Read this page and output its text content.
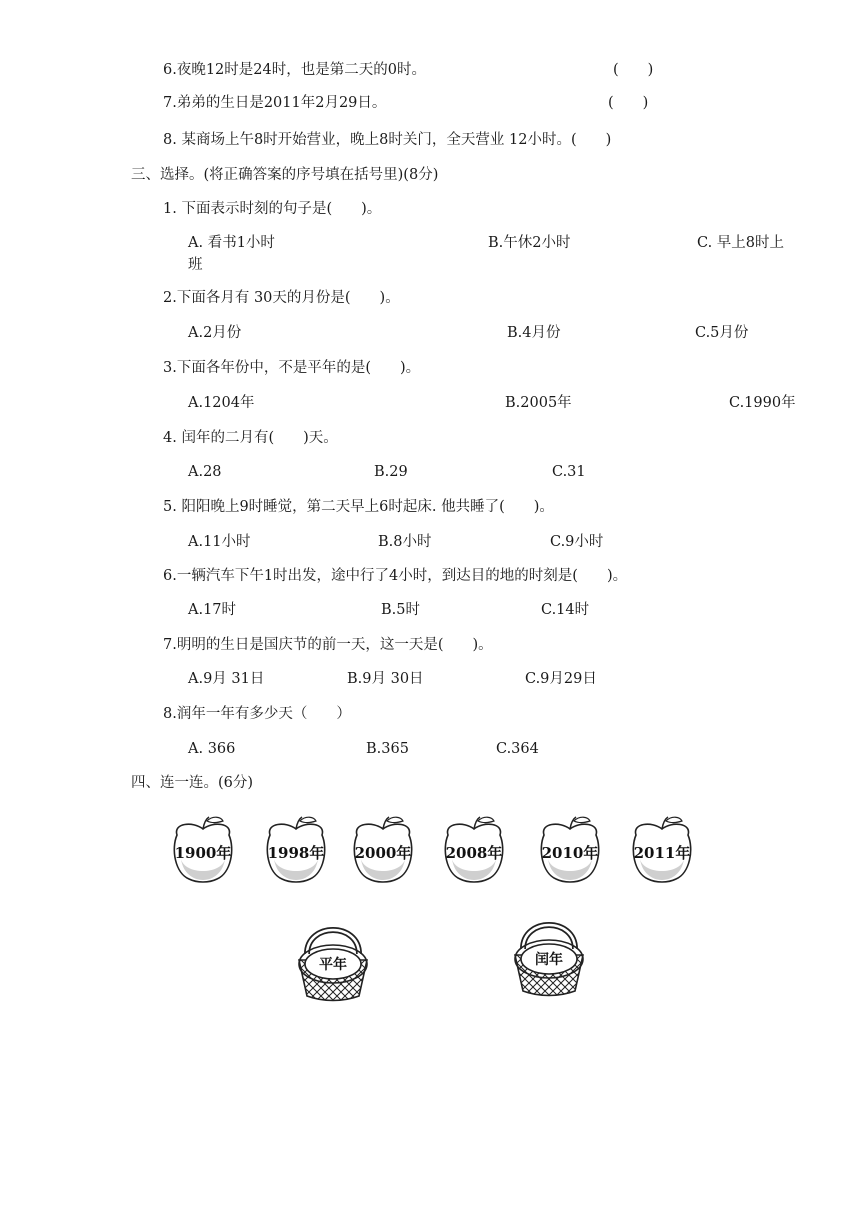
6.夜晚12时是24时，也是第二天的0时。	(　　)
7.弟弟的生日是2011年2月29日。	(　　)
8. 某商场上午8时开始营业，晚上8时关门，全天营业 12小时。(　　)
三、选择。(将正确答案的序号填在括号里)(8分)
1. 下面表示时刻的句子是(　　)。
A. 看书1小时	B.午休2小时	C. 早上8时上
班
2.下面各月有 30天的月份是(　　)。
A.2月份	B.4月份	C.5月份
3.下面各年份中，不是平年的是(　　)。
A.1204年	B.2005年	C.1990年
4. 闰年的二月有(　　)天。
A.28	B.29	C.31
5. 阳阳晚上9时睡觉，第二天早上6时起床. 他共睡了(　　)。
A.11小时	B.8小时	C.9小时
6.一辆汽车下午1时出发，途中行了4小时，到达目的地的时刻是(　　)。
A.17时	B.5时	C.14时
7.明明的生日是国庆节的前一天，这一天是(　　)。
A.9月 31日	B.9月 30日	C.9月29日
8.润年一年有多少天（　　）
A. 366	B.365	C.364
四、连一连。(6分)
1900年 1998年 2000年 2008年	2010年 2011年
平年	闰年
